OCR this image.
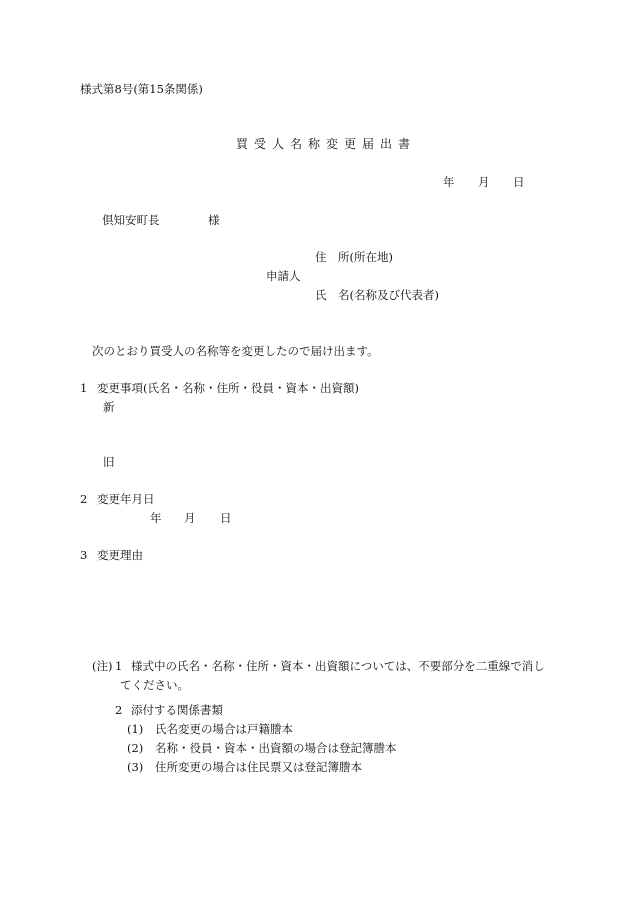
様式第8号(第15条関係)
買受人名称変更届出書
年 月 日
倶知安町長	様
住　所(所在地)
申請人
氏　名(名称及び代表者)
次のとおり買受人の名称等を変更したので届け出ます。
1 変更事項(氏名・名称・住所・役員・資本・出資額)
新
旧
2 変更年月日
年 月 日
3 変更理由
(注) 1 様式中の氏名・名称・住所・資本・出資額については、不要部分を二重線で消し
てください。
2 添付する関係書類
(1) 氏名変更の場合は戸籍謄本
(2) 名称・役員・資本・出資額の場合は登記簿謄本
(3) 住所変更の場合は住民票又は登記簿謄本
